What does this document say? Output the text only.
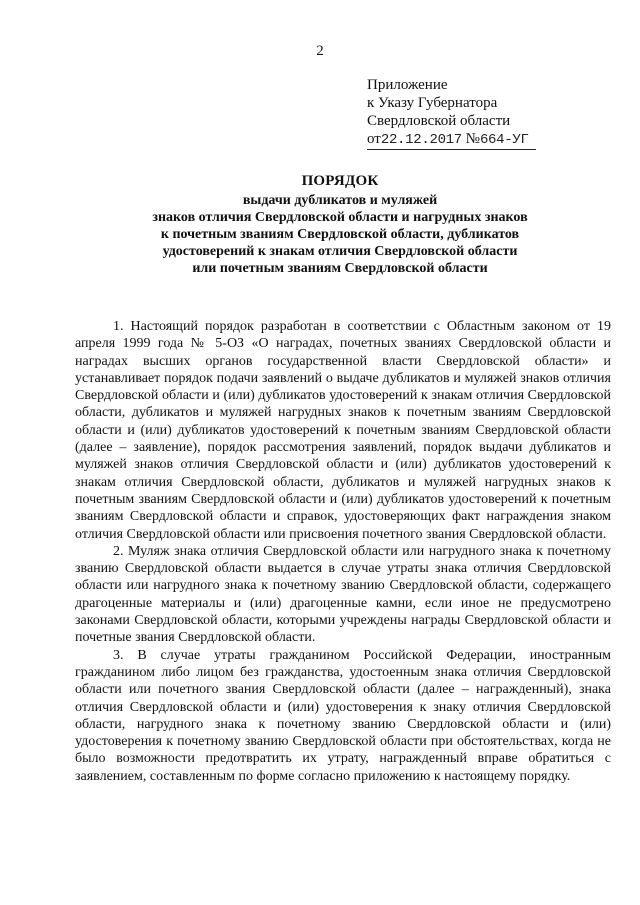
2
Приложение
к Указу Губернатора
Свердловской области
от22.12.2017 №664-УГ
ПОРЯДОК
выдачи дубликатов и муляжей
знаков отличия Свердловской области и нагрудных знаков
к почетным званиям Свердловской области, дубликатов
удостоверений к знакам отличия Свердловской области
или почетным званиям Свердловской области

1. Настоящий порядок разработан в соответствии с Областным законом от 19 апреля 1999 года № 5-ОЗ «О наградах, почетных званиях Свердловской области и наградах высших органов государственной власти Свердловской области» и устанавливает порядок подачи заявлений о выдаче дубликатов и муляжей знаков отличия Свердловской области и (или) дубликатов удостоверений к знакам отличия Свердловской области, дубликатов и муляжей нагрудных знаков к почетным званиям Свердловской области и (или) дубликатов удостоверений к почетным званиям Свердловской области (далее – заявление), порядок рассмотрения заявлений, порядок выдачи дубликатов и муляжей знаков отличия Свердловской области и (или) дубликатов удостоверений к знакам отличия Свердловской области, дубликатов и муляжей нагрудных знаков к почетным званиям Свердловской области и (или) дубликатов удостоверений к почетным званиям Свердловской области и справок, удостоверяющих факт награждения знаком отличия Свердловской области или присвоения почетного звания Свердловской области.

2. Муляж знака отличия Свердловской области или нагрудного знака к почетному званию Свердловской области выдается в случае утраты знака отличия Свердловской области или нагрудного знака к почетному званию Свердловской области, содержащего драгоценные материалы и (или) драгоценные камни, если иное не предусмотрено законами Свердловской области, которыми учреждены награды Свердловской области и почетные звания Свердловской области.

3. В случае утраты гражданином Российской Федерации, иностранным гражданином либо лицом без гражданства, удостоенным знака отличия Свердловской области или почетного звания Свердловской области (далее – награжденный), знака отличия Свердловской области и (или) удостоверения к знаку отличия Свердловской области, нагрудного знака к почетному званию Свердловской области и (или) удостоверения к почетному званию Свердловской области при обстоятельствах, когда не было возможности предотвратить их утрату, награжденный вправе обратиться с заявлением, составленным по форме согласно приложению к настоящему порядку.
